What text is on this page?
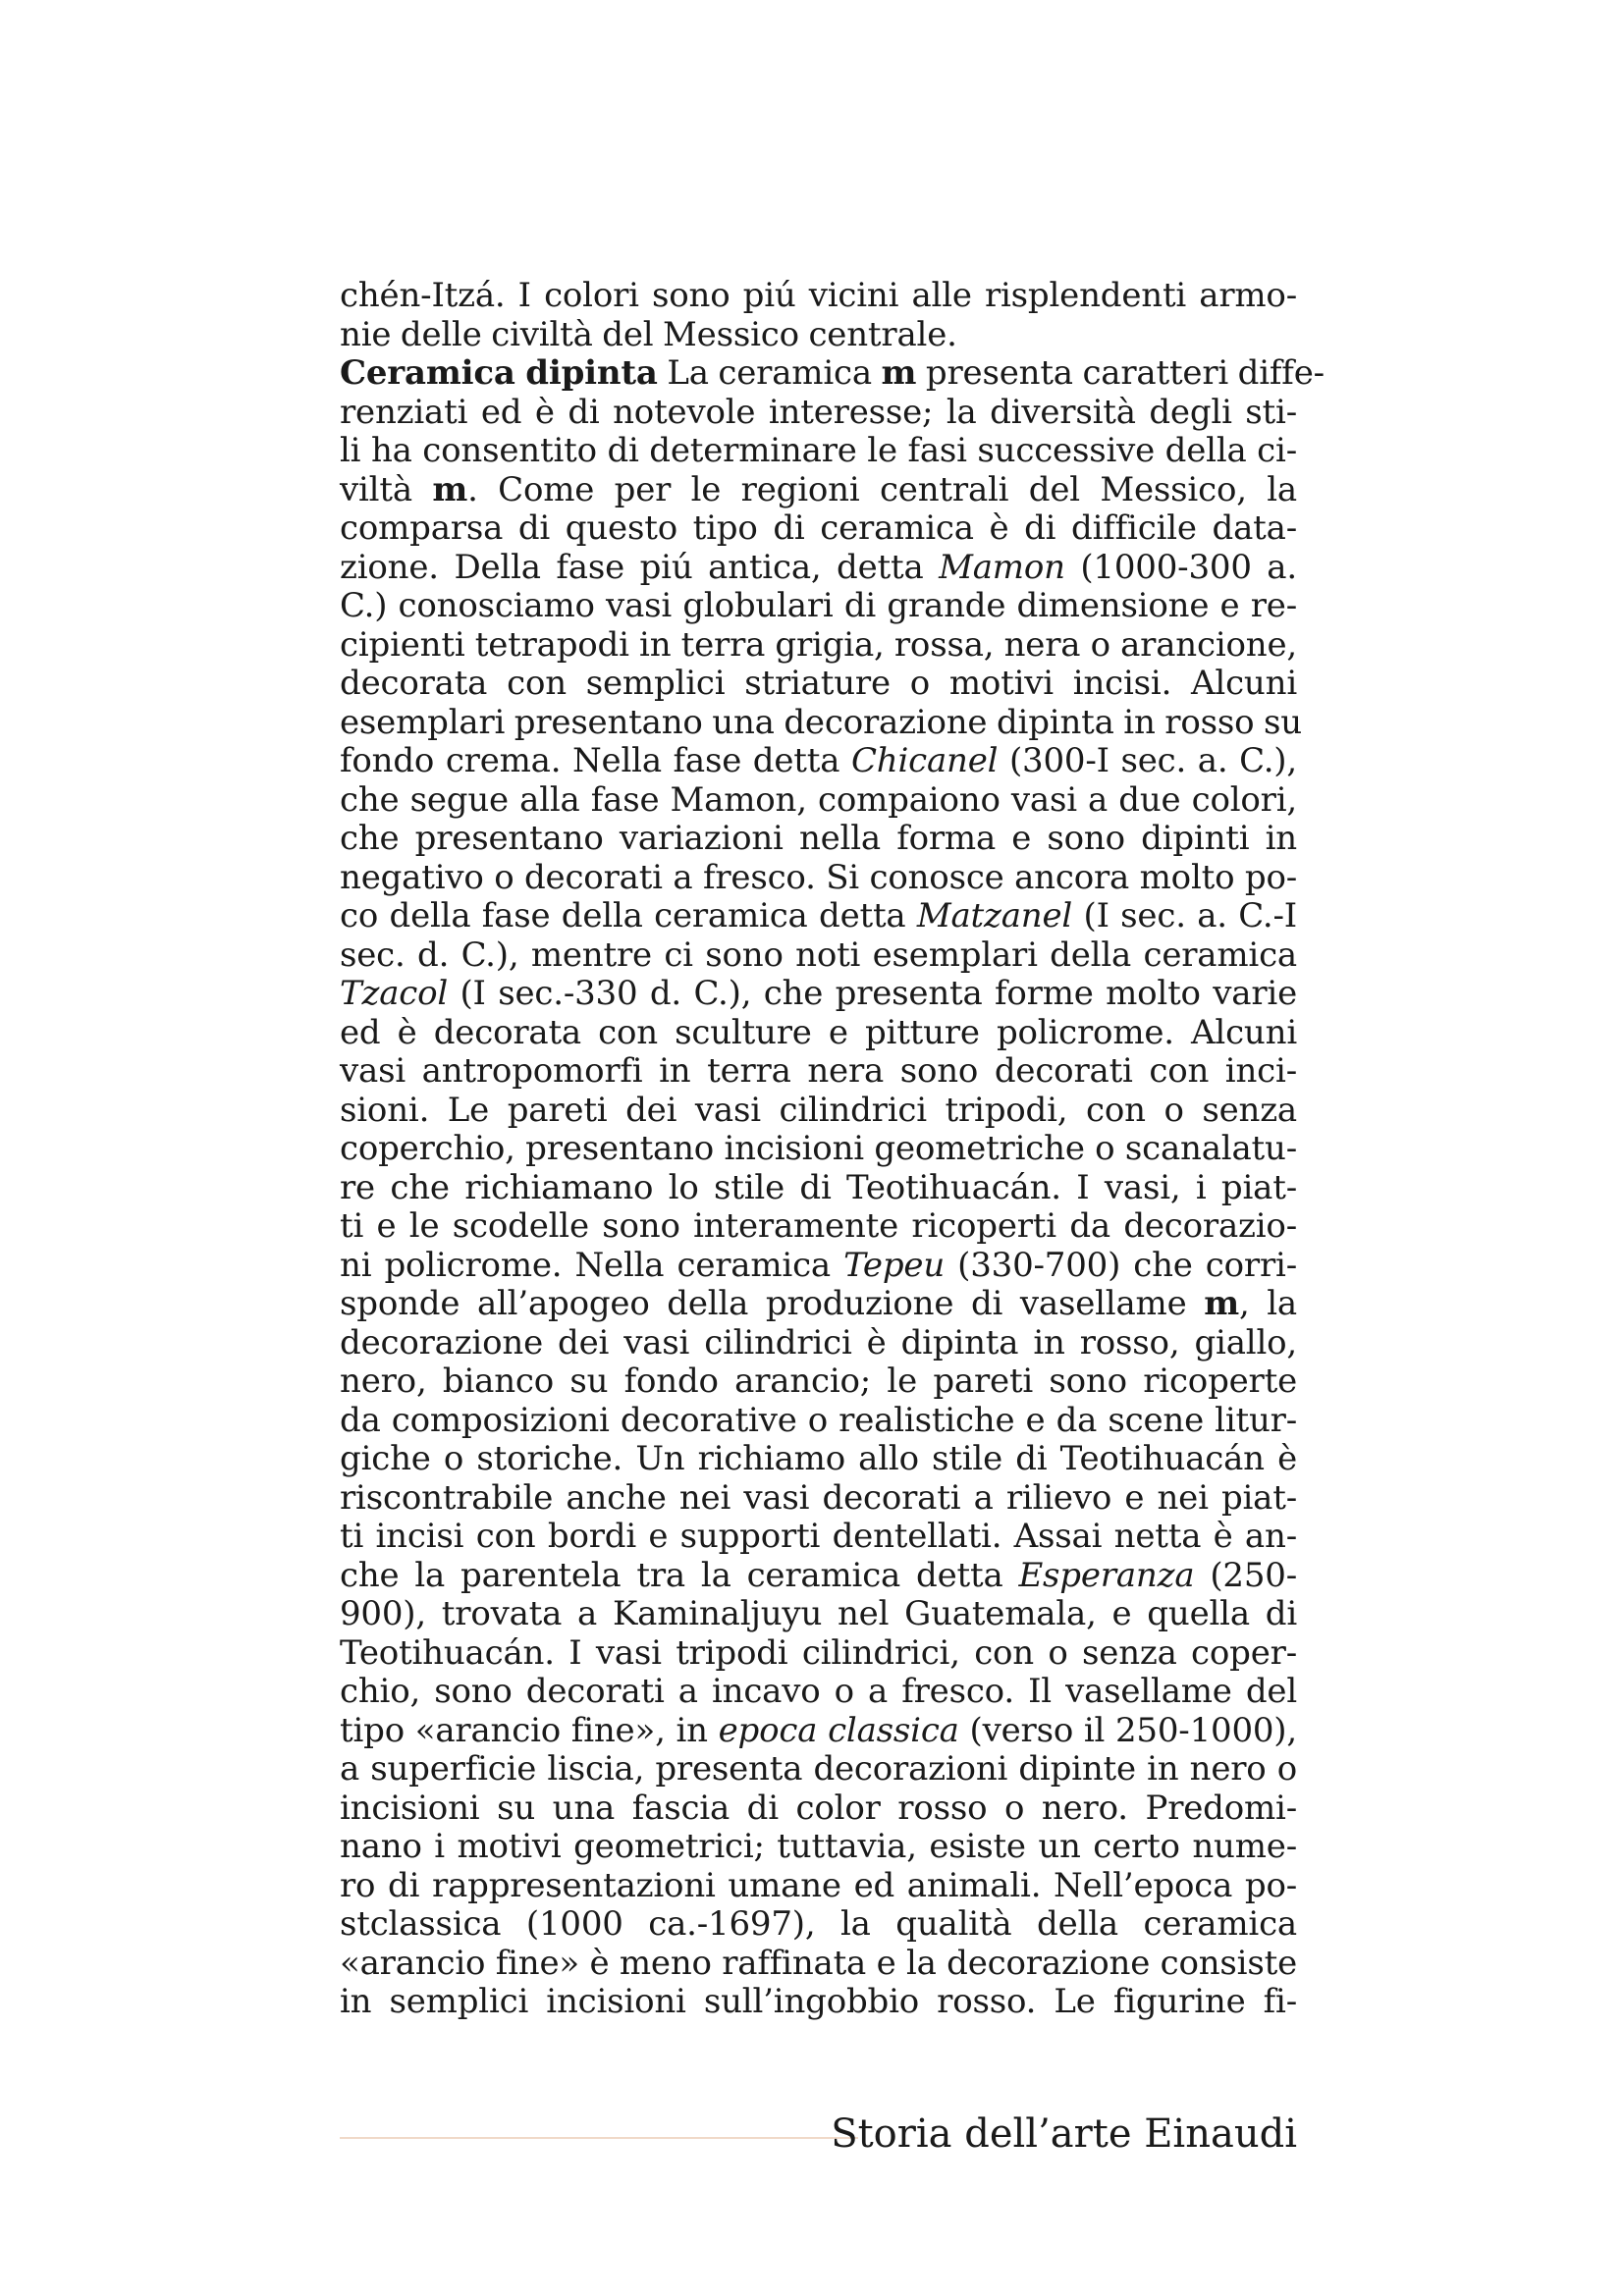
chén-Itzá. I colori sono piú vicini alle risplendenti armo-
nie delle civiltà del Messico centrale.
Ceramica dipinta La ceramica m presenta caratteri diffe-
renziati ed è di notevole interesse; la diversità degli sti-
li ha consentito di determinare le fasi successive della ci-
viltà m. Come per le regioni centrali del Messico, la
comparsa di questo tipo di ceramica è di difficile data-
zione. Della fase piú antica, detta Mamon (1000-300 a.
C.) conosciamo vasi globulari di grande dimensione e re-
cipienti tetrapodi in terra grigia, rossa, nera o arancione,
decorata con semplici striature o motivi incisi. Alcuni
esemplari presentano una decorazione dipinta in rosso su
fondo crema. Nella fase detta Chicanel (300-I sec. a. C.),
che segue alla fase Mamon, compaiono vasi a due colori,
che presentano variazioni nella forma e sono dipinti in
negativo o decorati a fresco. Si conosce ancora molto po-
co della fase della ceramica detta Matzanel (I sec. a. C.-I
sec. d. C.), mentre ci sono noti esemplari della ceramica
Tzacol (I sec.-330 d. C.), che presenta forme molto varie
ed è decorata con sculture e pitture policrome. Alcuni
vasi antropomorfi in terra nera sono decorati con inci-
sioni. Le pareti dei vasi cilindrici tripodi, con o senza
coperchio, presentano incisioni geometriche o scanalatu-
re che richiamano lo stile di Teotihuacán. I vasi, i piat-
ti e le scodelle sono interamente ricoperti da decorazio-
ni policrome. Nella ceramica Tepeu (330-700) che corri-
sponde all’apogeo della produzione di vasellame m, la
decorazione dei vasi cilindrici è dipinta in rosso, giallo,
nero, bianco su fondo arancio; le pareti sono ricoperte
da composizioni decorative o realistiche e da scene litur-
giche o storiche. Un richiamo allo stile di Teotihuacán è
riscontrabile anche nei vasi decorati a rilievo e nei piat-
ti incisi con bordi e supporti dentellati. Assai netta è an-
che la parentela tra la ceramica detta Esperanza (250-
900), trovata a Kaminaljuyu nel Guatemala, e quella di
Teotihuacán. I vasi tripodi cilindrici, con o senza coper-
chio, sono decorati a incavo o a fresco. Il vasellame del
tipo «arancio fine», in epoca classica (verso il 250-1000),
a superficie liscia, presenta decorazioni dipinte in nero o
incisioni su una fascia di color rosso o nero. Predomi-
nano i motivi geometrici; tuttavia, esiste un certo nume-
ro di rappresentazioni umane ed animali. Nell’epoca po-
stclassica (1000 ca.-1697), la qualità della ceramica
«arancio fine» è meno raffinata e la decorazione consiste
in semplici incisioni sull’ingobbio rosso. Le figurine fi-
Storia dell’arte Einaudi
